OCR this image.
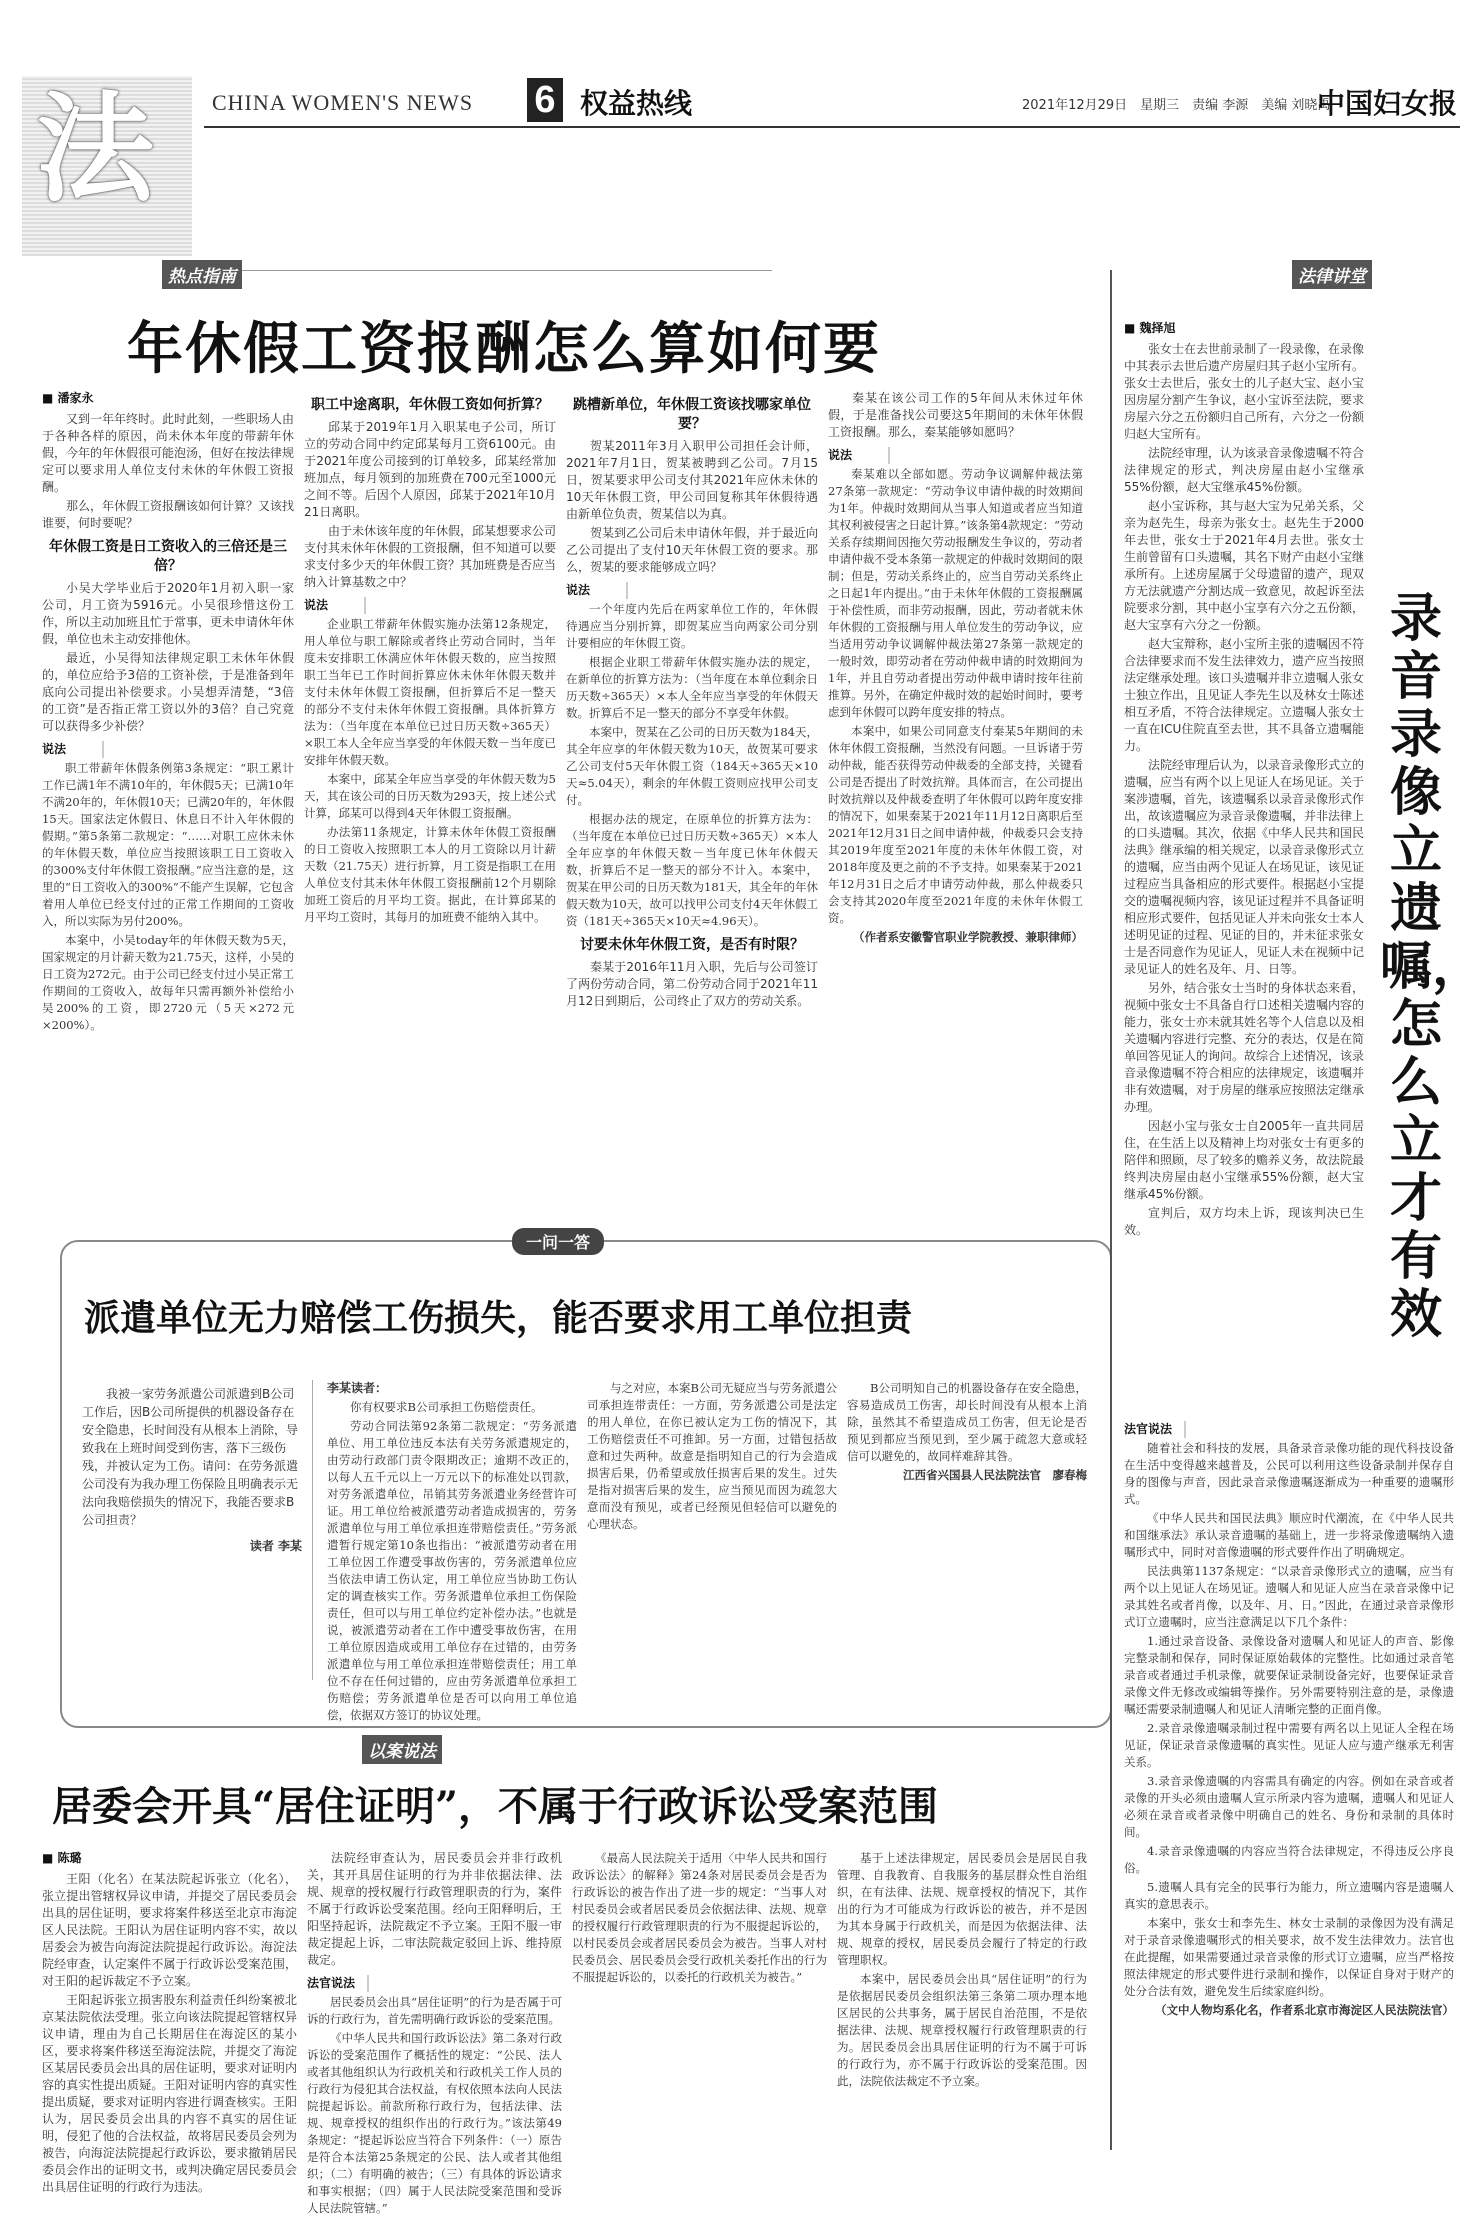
法	CHINA WOMEN'S NEWS 6 权益热线	2021年12月29日　星期三　责编 李源　美编 刘晓禹
中国妇女报
热点指南
年休假工资报酬怎么算如何要

■ 潘家永

又到一年年终时。此时此刻，一些职场人由于各种各样的原因，尚未休本年度的带薪年休假，今年的年休假很可能泡汤，但好在按法律规定可以要求用人单位支付未休的年休假工资报酬。

那么，年休假工资报酬该如何计算？又该找谁要，何时要呢？

年休假工资是日工资收入的三倍还是三倍？

小吴大学毕业后于2020年1月初入职一家公司，月工资为5916元。小吴很珍惜这份工作，所以主动加班且忙于常事，更未申请休年休假，单位也未主动安排他休。

最近，小吴得知法律规定职工未休年休假的，单位应给予3倍的工资补偿，于是准备到年底向公司提出补偿要求。小吴想弄清楚，“3倍的工资”是否指正常工资以外的3倍？自己究竟可以获得多少补偿？

说法

职工带薪年休假条例第3条规定：“职工累计工作已满1年不满10年的，年休假5天；已满10年不满20年的，年休假10天；已满20年的，年休假15天。国家法定休假日、休息日不计入年休假的假期。”第5条第二款规定：“……对职工应休未休的年休假天数，单位应当按照该职工日工资收入的300%支付年休假工资报酬。”应当注意的是，这里的“日工资收入的300%”不能产生误解，它包含着用人单位已经支付过的正常工作期间的工资收入，所以实际为另付200%。

本案中，小吴today年的年休假天数为5天，国家规定的月计薪天数为21.75天，这样，小吴的日工资为272元。由于公司已经支付过小吴正常工作期间的工资收入，故每年只需再额外补偿给小吴200%的工资，即2720元（5天×272元×200%）。

职工中途离职，年休假工资如何折算？

邱某于2019年1月入职某电子公司，所订立的劳动合同中约定邱某每月工资6100元。由于2021年度公司接到的订单较多，邱某经常加班加点，每月领到的加班费在700元至1000元之间不等。后因个人原因，邱某于2021年10月21日离职。

由于未休该年度的年休假，邱某想要求公司支付其未休年休假的工资报酬，但不知道可以要求支付多少天的年休假工资？其加班费是否应当纳入计算基数之中？

说法

企业职工带薪年休假实施办法第12条规定，用人单位与职工解除或者终止劳动合同时，当年度未安排职工休满应休年休假天数的，应当按照职工当年已工作时间折算应休未休年休假天数并支付未休年休假工资报酬，但折算后不足一整天的部分不支付未休年休假工资报酬。具体折算方法为：（当年度在本单位已过日历天数÷365天）×职工本人全年应当享受的年休假天数－当年度已安排年休假天数。

本案中，邱某全年应当享受的年休假天数为5天，其在该公司的日历天数为293天，按上述公式计算，邱某可以得到4天年休假工资报酬。

办法第11条规定，计算未休年休假工资报酬的日工资收入按照职工本人的月工资除以月计薪天数（21.75天）进行折算，月工资是指职工在用人单位支付其未休年休假工资报酬前12个月剔除加班工资后的月平均工资。据此，在计算邱某的月平均工资时，其每月的加班费不能纳入其中。

跳槽新单位，年休假工资该找哪家单位要？

贺某2011年3月入职甲公司担任会计师，2021年7月1日，贺某被聘到乙公司。7月15日，贺某要求甲公司支付其2021年应休未休的10天年休假工资，甲公司回复称其年休假待遇由新单位负责，贺某信以为真。

贺某到乙公司后未申请休年假，并于最近向乙公司提出了支付10天年休假工资的要求。那么，贺某的要求能够成立吗？

说法

一个年度内先后在两家单位工作的，年休假待遇应当分别折算，即贺某应当向两家公司分别计要相应的年休假工资。

根据企业职工带薪年休假实施办法的规定，在新单位的折算方法为：（当年度在本单位剩余日历天数÷365天）×本人全年应当享受的年休假天数。折算后不足一整天的部分不享受年休假。

本案中，贺某在乙公司的日历天数为184天，其全年应享的年休假天数为10天，故贺某可要求乙公司支付5天年休假工资（184天÷365天×10天≈5.04天），剩余的年休假工资则应找甲公司支付。

根据办法的规定，在原单位的折算方法为：（当年度在本单位已过日历天数÷365天）×本人全年应享的年休假天数－当年度已休年休假天数，折算后不足一整天的部分不计入。本案中，贺某在甲公司的日历天数为181天，其全年的年休假天数为10天，故可以找甲公司支付4天年休假工资（181天÷365天×10天≈4.96天）。

讨要未休年休假工资，是否有时限？

秦某于2016年11月入职，先后与公司签订了两份劳动合同，第二份劳动合同于2021年11月12日到期后，公司终止了双方的劳动关系。

秦某在该公司工作的5年间从未休过年休假，于是准备找公司要这5年期间的未休年休假工资报酬。那么，秦某能够如愿吗？

说法

秦某难以全部如愿。劳动争议调解仲裁法第27条第一款规定：“劳动争议申请仲裁的时效期间为1年。仲裁时效期间从当事人知道或者应当知道其权利被侵害之日起计算。”该条第4款规定：“劳动关系存续期间因拖欠劳动报酬发生争议的，劳动者申请仲裁不受本条第一款规定的仲裁时效期间的限制；但是，劳动关系终止的，应当自劳动关系终止之日起1年内提出。”由于未休年休假的工资报酬属于补偿性质，而非劳动报酬，因此，劳动者就未休年休假的工资报酬与用人单位发生的劳动争议，应当适用劳动争议调解仲裁法第27条第一款规定的一般时效，即劳动者在劳动仲裁申请的时效期间为1年，并且自劳动者提出劳动仲裁申请时按年往前推算。另外，在确定仲裁时效的起始时间时，要考虑到年休假可以跨年度安排的特点。

本案中，如果公司同意支付秦某5年期间的未休年休假工资报酬，当然没有问题。一旦诉诸于劳动仲裁，能否获得劳动仲裁委的全部支持，关键看公司是否提出了时效抗辩。具体而言，在公司提出时效抗辩以及仲裁委查明了年休假可以跨年度安排的情况下，如果秦某于2021年11月12日离职后至2021年12月31日之间申请仲裁，仲裁委只会支持其2019年度至2021年度的未休年休假工资，对2018年度及更之前的不予支持。如果秦某于2021年12月31日之后才申请劳动仲裁，那么仲裁委只会支持其2020年度至2021年度的未休年休假工资。

（作者系安徽警官职业学院教授、兼职律师）

一问一答
派遣单位无力赔偿工伤损失，能否要求用工单位担责

我被一家劳务派遣公司派遣到B公司工作后，因B公司所提供的机器设备存在安全隐患，长时间没有从根本上消除，导致我在上班时间受到伤害，落下三级伤残，并被认定为工伤。请问：在劳务派遣公司没有为我办理工伤保险且明确表示无法向我赔偿损失的情况下，我能否要求B公司担责？

读者 李某

李某读者：

你有权要求B公司承担工伤赔偿责任。

劳动合同法第92条第二款规定：“劳务派遣单位、用工单位违反本法有关劳务派遣规定的，由劳动行政部门责令限期改正；逾期不改正的，以每人五千元以上一万元以下的标准处以罚款，对劳务派遣单位，吊销其劳务派遣业务经营许可证。用工单位给被派遣劳动者造成损害的，劳务派遣单位与用工单位承担连带赔偿责任。”劳务派遣暂行规定第10条也指出：“被派遣劳动者在用工单位因工作遭受事故伤害的，劳务派遣单位应当依法申请工伤认定，用工单位应当协助工伤认定的调查核实工作。劳务派遣单位承担工伤保险责任，但可以与用工单位约定补偿办法。”也就是说，被派遣劳动者在工作中遭受事故伤害，在用工单位原因造成或用工单位存在过错的，由劳务派遣单位与用工单位承担连带赔偿责任；用工单位不存在任何过错的，应由劳务派遣单位承担工伤赔偿；劳务派遣单位是否可以向用工单位追偿，依据双方签订的协议处理。

与之对应，本案B公司无疑应当与劳务派遣公司承担连带责任：一方面，劳务派遣公司是法定的用人单位，在你已被认定为工伤的情况下，其工伤赔偿责任不可推卸。另一方面，过错包括故意和过失两种。故意是指明知自己的行为会造成损害后果，仍希望或放任损害后果的发生。过失是指对损害后果的发生，应当预见而因为疏忽大意而没有预见，或者已经预见但轻信可以避免的心理状态。

B公司明知自己的机器设备存在安全隐患，容易造成员工伤害，却长时间没有从根本上消除，虽然其不希望造成员工伤害，但无论是否预见到都应当预见到，至少属于疏忽大意或轻信可以避免的，故同样难辞其咎。

江西省兴国县人民法院法官　廖春梅

以案说法
居委会开具“居住证明”，不属于行政诉讼受案范围

■ 陈璐

王阳（化名）在某法院起诉张立（化名），张立提出管辖权异议申请，并提交了居民委员会出具的居住证明，要求将案件移送至北京市海淀区人民法院。王阳认为居住证明内容不实，故以居委会为被告向海淀法院提起行政诉讼。海淀法院经审查，认定案件不属于行政诉讼受案范围，对王阳的起诉裁定不予立案。

王阳起诉张立损害股东利益责任纠纷案被北京某法院依法受理。张立向该法院提起管辖权异议申请，理由为自己长期居住在海淀区的某小区，要求将案件移送至海淀法院，并提交了海淀区某居民委员会出具的居住证明，要求对证明内容的真实性提出质疑。王阳对证明内容的真实性提出质疑，要求对证明内容进行调查核实。王阳认为，居民委员会出具的内容不真实的居住证明，侵犯了他的合法权益，故将居民委员会列为被告，向海淀法院提起行政诉讼，要求撤销居民委员会作出的证明文书，或判决确定居民委员会出具居住证明的行政行为违法。

法院经审查认为，居民委员会并非行政机关，其开具居住证明的行为并非依据法律、法规、规章的授权履行行政管理职责的行为，案件不属于行政诉讼受案范围。经向王阳释明后，王阳坚持起诉，法院裁定不予立案。王阳不服一审裁定提起上诉，二审法院裁定驳回上诉、维持原裁定。

法官说法

居民委员会出具“居住证明”的行为是否属于可诉的行政行为，首先需明确行政诉讼的受案范围。

《中华人民共和国行政诉讼法》第二条对行政诉讼的受案范围作了概括性的规定：“公民、法人或者其他组织认为行政机关和行政机关工作人员的行政行为侵犯其合法权益，有权依照本法向人民法院提起诉讼。前款所称行政行为，包括法律、法规、规章授权的组织作出的行政行为。”该法第49条规定：“提起诉讼应当符合下列条件：（一）原告是符合本法第25条规定的公民、法人或者其他组织；（二）有明确的被告；（三）有具体的诉讼请求和事实根据；（四）属于人民法院受案范围和受诉人民法院管辖。”

《最高人民法院关于适用〈中华人民共和国行政诉讼法〉的解释》第24条对居民委员会是否为行政诉讼的被告作出了进一步的规定：“当事人对村民委员会或者居民委员会依据法律、法规、规章的授权履行行政管理职责的行为不服提起诉讼的，以村民委员会或者居民委员会为被告。当事人对村民委员会、居民委员会受行政机关委托作出的行为不服提起诉讼的，以委托的行政机关为被告。”

基于上述法律规定，居民委员会是居民自我管理、自我教育、自我服务的基层群众性自治组织，在有法律、法规、规章授权的情况下，其作出的行为才可能成为行政诉讼的被告，并不是因为其本身属于行政机关，而是因为依据法律、法规、规章的授权，居民委员会履行了特定的行政管理职权。

本案中，居民委员会出具“居住证明”的行为是依据居民委员会组织法第三条第二项办理本地区居民的公共事务，属于居民自治范围，不是依据法律、法规、规章授权履行行政管理职责的行为。居民委员会出具居住证明的行为不属于可诉的行政行为，亦不属于行政诉讼的受案范围。因此，法院依法裁定不予立案。

法律讲堂
录音录像立遗嘱，怎么立才有效

■ 魏择旭

张女士在去世前录制了一段录像，在录像中其表示去世后遗产房屋归其子赵小宝所有。张女士去世后，张女士的儿子赵大宝、赵小宝因房屋分割产生争议，赵小宝诉至法院，要求房屋六分之五份额归自己所有，六分之一份额归赵大宝所有。

法院经审理，认为该录音录像遗嘱不符合法律规定的形式，判决房屋由赵小宝继承55%份额，赵大宝继承45%份额。

赵小宝诉称，其与赵大宝为兄弟关系，父亲为赵先生，母亲为张女士。赵先生于2000年去世，张女士于2021年4月去世。张女士生前曾留有口头遗嘱，其名下财产由赵小宝继承所有。上述房屋属于父母遗留的遗产，现双方无法就遗产分割达成一致意见，故起诉至法院要求分割，其中赵小宝享有六分之五份额，赵大宝享有六分之一份额。

赵大宝辩称，赵小宝所主张的遗嘱因不符合法律要求而不发生法律效力，遗产应当按照法定继承处理。该口头遗嘱并非立遗嘱人张女士独立作出，且见证人李先生以及林女士陈述相互矛盾，不符合法律规定。立遗嘱人张女士一直在ICU住院直至去世，其不具备立遗嘱能力。

法院经审理后认为，以录音录像形式立的遗嘱，应当有两个以上见证人在场见证。关于案涉遗嘱，首先，该遗嘱系以录音录像形式作出，故该遗嘱应为录音录像遗嘱，并非法律上的口头遗嘱。其次，依据《中华人民共和国民法典》继承编的相关规定，以录音录像形式立的遗嘱，应当由两个见证人在场见证，该见证过程应当具备相应的形式要件。根据赵小宝提交的遗嘱视频内容，该见证过程并不具备证明相应形式要件，包括见证人并未向张女士本人述明见证的过程、见证的目的，并未征求张女士是否同意作为见证人，见证人未在视频中记录见证人的姓名及年、月、日等。

另外，结合张女士当时的身体状态来看，视频中张女士不具备自行口述相关遗嘱内容的能力，张女士亦未就其姓名等个人信息以及相关遗嘱内容进行完整、充分的表达，仅是在简单回答见证人的询问。故综合上述情况，该录音录像遗嘱不符合相应的法律规定，该遗嘱并非有效遗嘱，对于房屋的继承应按照法定继承办理。

因赵小宝与张女士自2005年一直共同居住，在生活上以及精神上均对张女士有更多的陪伴和照顾，尽了较多的赡养义务，故法院最终判决房屋由赵小宝继承55%份额，赵大宝继承45%份额。

宣判后，双方均未上诉，现该判决已生效。

法官说法

随着社会和科技的发展，具备录音录像功能的现代科技设备在生活中变得越来越普及，公民可以利用这些设备录制并保存自身的图像与声音，因此录音录像遗嘱逐渐成为一种重要的遗嘱形式。

《中华人民共和国民法典》顺应时代潮流，在《中华人民共和国继承法》承认录音遗嘱的基础上，进一步将录像遗嘱纳入遗嘱形式中，同时对音像遗嘱的形式要件作出了明确规定。

民法典第1137条规定：“以录音录像形式立的遗嘱，应当有两个以上见证人在场见证。遗嘱人和见证人应当在录音录像中记录其姓名或者肖像，以及年、月、日。”因此，在通过录音录像形式订立遗嘱时，应当注意满足以下几个条件：

1.通过录音设备、录像设备对遗嘱人和见证人的声音、影像完整录制和保存，同时保证原始载体的完整性。比如通过录音笔录音或者通过手机录像，就要保证录制设备完好，也要保证录音录像文件无修改或编辑等操作。另外需要特别注意的是，录像遗嘱还需要录制遗嘱人和见证人清晰完整的正面肖像。

2.录音录像遗嘱录制过程中需要有两名以上见证人全程在场见证，保证录音录像遗嘱的真实性。见证人应与遗产继承无利害关系。

3.录音录像遗嘱的内容需具有确定的内容。例如在录音或者录像的开头必须由遗嘱人宣示所录内容为遗嘱，遗嘱人和见证人必须在录音或者录像中明确自己的姓名、身份和录制的具体时间。

4.录音录像遗嘱的内容应当符合法律规定，不得违反公序良俗。

5.遗嘱人具有完全的民事行为能力，所立遗嘱内容是遗嘱人真实的意思表示。

本案中，张女士和李先生、林女士录制的录像因为没有满足对于录音录像遗嘱形式的相关要求，故不发生法律效力。法官也在此提醒，如果需要通过录音录像的形式订立遗嘱，应当严格按照法律规定的形式要件进行录制和操作，以保证自身对于财产的处分合法有效，避免发生后续家庭纠纷。

（文中人物均系化名，作者系北京市海淀区人民法院法官）
